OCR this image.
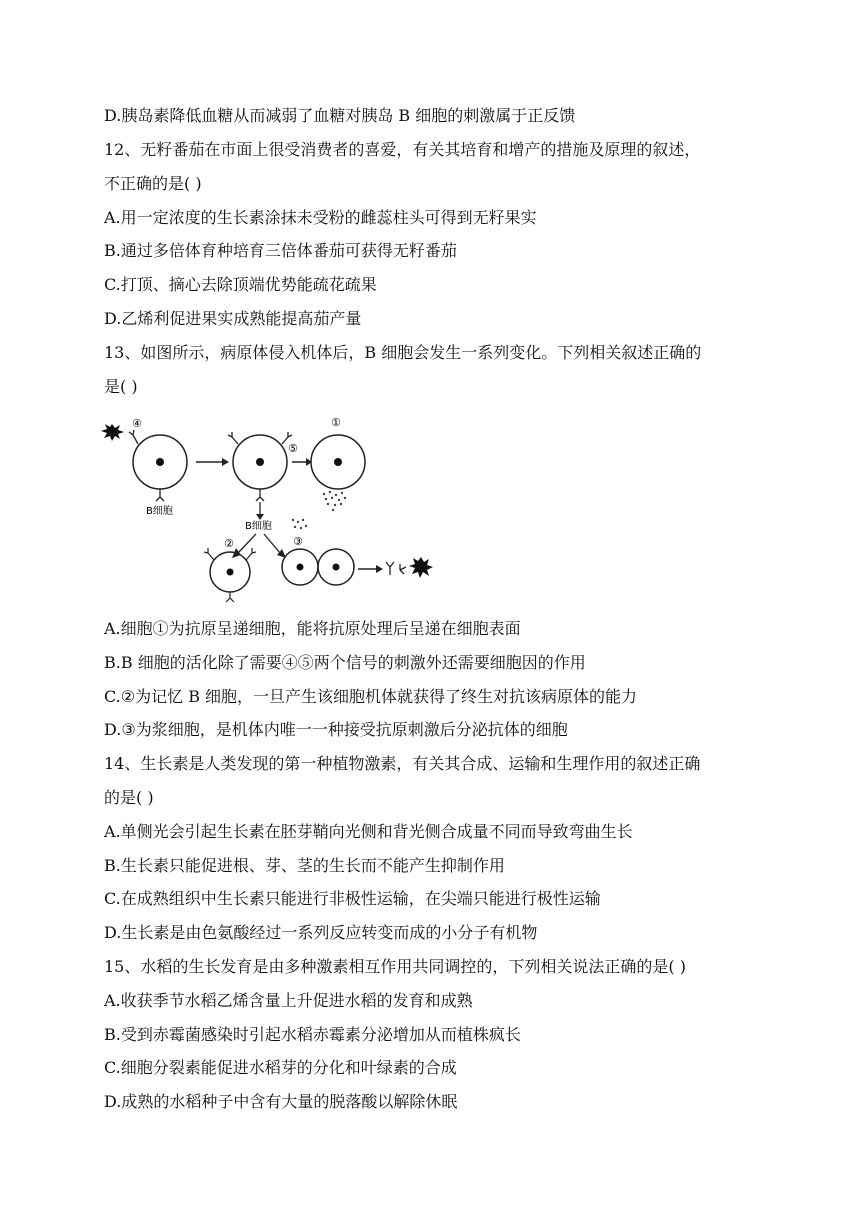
D.胰岛素降低血糖从而减弱了血糖对胰岛 B 细胞的刺激属于正反馈
12、无籽番茄在市面上很受消费者的喜爱，有关其培育和增产的措施及原理的叙述，
不正确的是( )
A.用一定浓度的生长素涂抹未受粉的雌蕊柱头可得到无籽果实
B.通过多倍体育种培育三倍体番茄可获得无籽番茄
C.打顶、摘心去除顶端优势能疏花疏果
D.乙烯利促进果实成熟能提高茄产量
13、如图所示，病原体侵入机体后，B 细胞会发生一系列变化。下列相关叙述正确的
是( )
④
B细胞
⑤
①
B细胞
②	③
A.细胞①为抗原呈递细胞，能将抗原处理后呈递在细胞表面
B.B 细胞的活化除了需要④⑤两个信号的刺激外还需要细胞因的作用
C.②为记忆 B 细胞，一旦产生该细胞机体就获得了终生对抗该病原体的能力
D.③为浆细胞，是机体内唯一一种接受抗原刺激后分泌抗体的细胞
14、生长素是人类发现的第一种植物激素，有关其合成、运输和生理作用的叙述正确
的是( )
A.单侧光会引起生长素在胚芽鞘向光侧和背光侧合成量不同而导致弯曲生长
B.生长素只能促进根、芽、茎的生长而不能产生抑制作用
C.在成熟组织中生长素只能进行非极性运输，在尖端只能进行极性运输
D.生长素是由色氨酸经过一系列反应转变而成的小分子有机物
15、水稻的生长发育是由多种激素相互作用共同调控的，下列相关说法正确的是( )
A.收获季节水稻乙烯含量上升促进水稻的发育和成熟
B.受到赤霉菌感染时引起水稻赤霉素分泌增加从而植株疯长
C.细胞分裂素能促进水稻芽的分化和叶绿素的合成
D.成熟的水稻种子中含有大量的脱落酸以解除休眠
